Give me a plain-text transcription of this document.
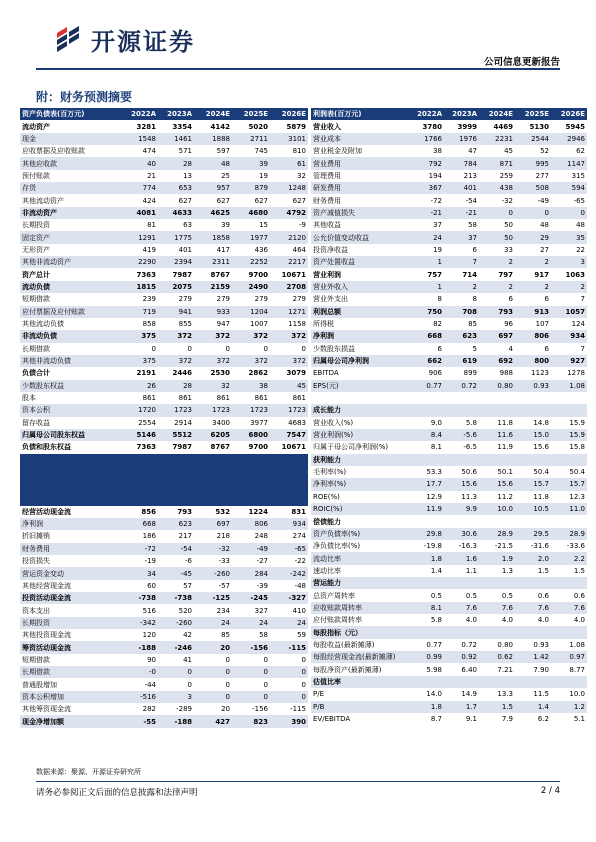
开源证券
公司信息更新报告
附：财务预测摘要
资产负债表(百万元)	2022A	2023A	2024E	2025E	2026E
流动资产	3281	3354	4142	5020	5879
现金	1548	1461	1888	2711	3101
应收票据及应收账款	474	571	597	745	810
其他应收款	40	28	48	39	61
预付账款	21	13	25	19	32
存货	774	653	957	879	1248
其他流动资产	424	627	627	627	627
非流动资产	4081	4633	4625	4680	4792
长期投资	81	63	39	15	-9
固定资产	1291	1775	1858	1977	2120
无形资产	419	401	417	436	464
其他非流动资产	2290	2394	2311	2252	2217
资产总计	7363	7987	8767	9700	10671
流动负债	1815	2075	2159	2490	2708
短期借款	239	279	279	279	279
应付票据及应付账款	719	941	933	1204	1271
其他流动负债	858	855	947	1007	1158
非流动负债	375	372	372	372	372
长期借款	0	0	0	0	0
其他非流动负债	375	372	372	372	372
负债合计	2191	2446	2530	2862	3079
少数股东权益	26	28	32	38	45
股本	861	861	861	861	861
资本公积	1720	1723	1723	1723	1723
留存收益	2554	2914	3400	3977	4683
归属母公司股东权益	5146	5512	6205	6800	7547
负债和股东权益	7363	7987	8767	9700	10671

经营活动现金流	856	793	532	1224	831
净利润	668	623	697	806	934
折旧摊销	186	217	218	248	274
财务费用	-72	-54	-32	-49	-65
投资损失	-19	-6	-33	-27	-22
营运资金变动	34	-45	-260	284	-242
其他经营现金流	60	57	-57	-39	-48
投资活动现金流	-738	-738	-125	-245	-327
资本支出	516	520	234	327	410
长期投资	-342	-260	24	24	24
其他投资现金流	120	42	85	58	59
筹资活动现金流	-188	-246	20	-156	-115
短期借款	90	41	0	0	0
长期借款	-0	0	0	0	0
普通股增加	-44	0	0	0	0
资本公积增加	-516	3	0	0	0
其他筹资现金流	282	-289	20	-156	-115
现金净增加额	-55	-188	427	823	390
利润表(百万元)	2022A	2023A	2024E	2025E	2026E
营业收入	3780	3999	4469	5130	5945
营业成本	1766	1976	2231	2544	2946
营业税金及附加	38	47	45	52	62
营业费用	792	784	871	995	1147
管理费用	194	213	259	277	315
研发费用	367	401	438	508	594
财务费用	-72	-54	-32	-49	-65
资产减值损失	-21	-21	0	0	0
其他收益	37	58	50	48	48
公允价值变动收益	24	37	50	29	35
投资净收益	19	6	33	27	22
资产处置收益	1	7	2	2	3
营业利润	757	714	797	917	1063
营业外收入	1	2	2	2	2
营业外支出	8	8	6	6	7
利润总额	750	708	793	913	1057
所得税	82	85	96	107	124
净利润	668	623	697	806	934
少数股东损益	6	5	4	6	7
归属母公司净利润	662	619	692	800	927
EBITDA	906	899	988	1123	1278
EPS(元)	0.77	0.72	0.80	0.93	1.08

成长能力					
营业收入(%)	9.0	5.8	11.8	14.8	15.9
营业利润(%)	8.4	-5.6	11.6	15.0	15.9
归属于母公司净利润(%)	8.1	-6.5	11.9	15.6	15.8
获利能力					
毛利率(%)	53.3	50.6	50.1	50.4	50.4
净利率(%)	17.7	15.6	15.6	15.7	15.7
ROE(%)	12.9	11.3	11.2	11.8	12.3
ROIC(%)	11.9	9.9	10.0	10.5	11.0
偿债能力					
资产负债率(%)	29.8	30.6	28.9	29.5	28.9
净负债比率(%)	-19.8	-16.3	-21.5	-31.6	-33.6
流动比率	1.8	1.6	1.9	2.0	2.2
速动比率	1.4	1.1	1.3	1.5	1.5
营运能力					
总资产周转率	0.5	0.5	0.5	0.6	0.6
应收账款周转率	8.1	7.6	7.6	7.6	7.6
应付账款周转率	5.8	4.0	4.0	4.0	4.0
每股指标（元）					
每股收益(最新摊薄)	0.77	0.72	0.80	0.93	1.08
每股经营现金流(最新摊薄)	0.99	0.92	0.62	1.42	0.97
每股净资产(最新摊薄)	5.98	6.40	7.21	7.90	8.77
估值比率					
P/E	14.0	14.9	13.3	11.5	10.0
P/B	1.8	1.7	1.5	1.4	1.2
EV/EBITDA	8.7	9.1	7.9	6.2	5.1
数据来源：聚源、开源证券研究所
请务必参阅正文后面的信息披露和法律声明	2 / 4
